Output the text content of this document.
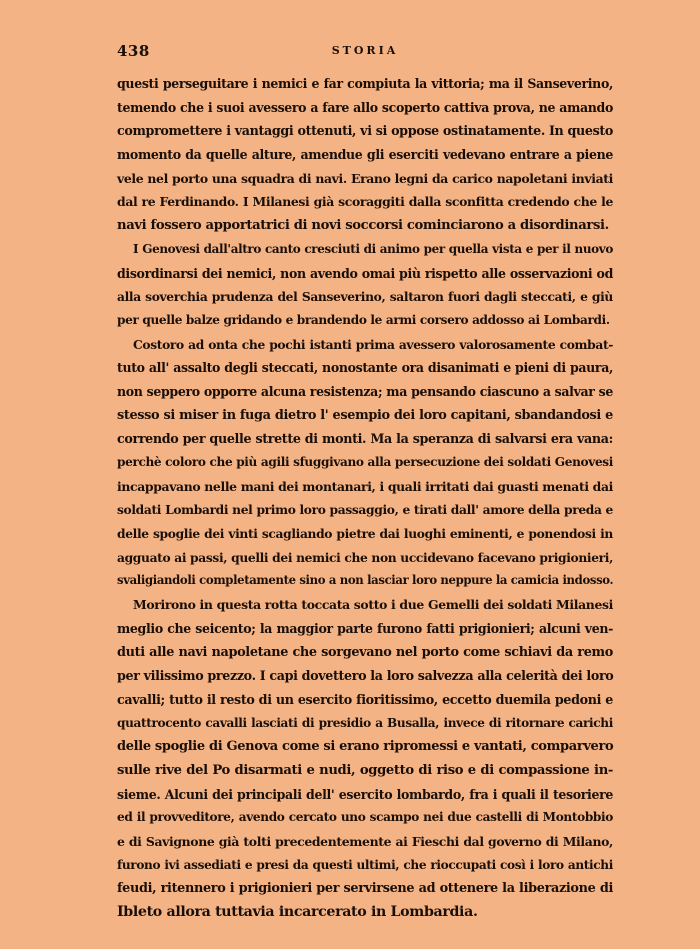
438	STORIA
questi perseguitare i nemici e far compiuta la vittoria; ma il Sanseverino,
temendo che i suoi avessero a fare allo scoperto cattiva prova, ne amando
compromettere i vantaggi ottenuti, vi si oppose ostinatamente. In questo
momento da quelle alture, amendue gli eserciti vedevano entrare a piene
vele nel porto una squadra di navi. Erano legni da carico napoletani inviati
dal re Ferdinando. I Milanesi già scoraggiti dalla sconfitta credendo che le
navi fossero apportatrici di novi soccorsi cominciarono a disordinarsi.
I Genovesi dall'altro canto cresciuti di animo per quella vista e per il nuovo
disordinarsi dei nemici, non avendo omai più rispetto alle osservazioni od
alla soverchia prudenza del Sanseverino, saltaron fuori dagli steccati, e giù
per quelle balze gridando e brandendo le armi corsero addosso ai Lombardi.
Costoro ad onta che pochi istanti prima avessero valorosamente combat-
tuto all' assalto degli steccati, nonostante ora disanimati e pieni di paura,
non seppero opporre alcuna resistenza; ma pensando ciascuno a salvar se
stesso si miser in fuga dietro l' esempio dei loro capitani, sbandandosi e
correndo per quelle strette di monti. Ma la speranza di salvarsi era vana:
perchè coloro che più agili sfuggivano alla persecuzione dei soldati Genovesi
incappavano nelle mani dei montanari, i quali irritati dai guasti menati dai
soldati Lombardi nel primo loro passaggio, e tirati dall' amore della preda e
delle spoglie dei vinti scagliando pietre dai luoghi eminenti, e ponendosi in
agguato ai passi, quelli dei nemici che non uccidevano facevano prigionieri,
svaligiandoli completamente sino a non lasciar loro neppure la camicia indosso.
Morirono in questa rotta toccata sotto i due Gemelli dei soldati Milanesi
meglio che seicento; la maggior parte furono fatti prigionieri; alcuni ven-
duti alle navi napoletane che sorgevano nel porto come schiavi da remo
per vilissimo prezzo. I capi dovettero la loro salvezza alla celerità dei loro
cavalli; tutto il resto di un esercito fioritissimo, eccetto duemila pedoni e
quattrocento cavalli lasciati di presidio a Busalla, invece di ritornare carichi
delle spoglie di Genova come si erano ripromessi e vantati, comparvero
sulle rive del Po disarmati e nudi, oggetto di riso e di compassione in-
sieme. Alcuni dei principali dell' esercito lombardo, fra i quali il tesoriere
ed il provveditore, avendo cercato uno scampo nei due castelli di Montobbio
e di Savignone già tolti precedentemente ai Fieschi dal governo di Milano,
furono ivi assediati e presi da questi ultimi, che rioccupati così i loro antichi
feudi, ritennero i prigionieri per servirsene ad ottenere la liberazione di
Ibleto allora tuttavia incarcerato in Lombardia.
